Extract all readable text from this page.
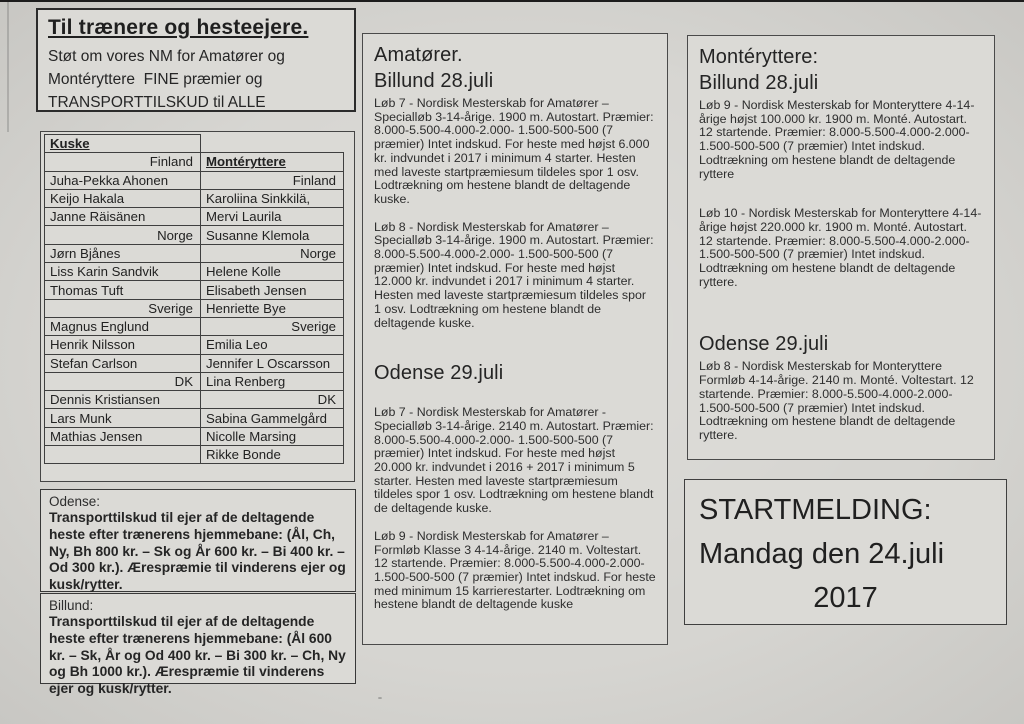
Til trænere og hesteejere.
Støt om vores NM for Amatører og
Montéryttere  FINE præmier og
TRANSPORTTILSKUD til ALLE
Kuske	
Finland	Montéryttere
Juha-Pekka Ahonen	Finland
Keijo Hakala	Karoliina Sinkkilä,
Janne Räisänen	Mervi Laurila
Norge	Susanne Klemola
Jørn Bjånes	Norge
Liss Karin Sandvik	Helene Kolle
Thomas Tuft	Elisabeth Jensen
Sverige	Henriette Bye
Magnus Englund	Sverige
Henrik Nilsson	Emilia Leo
Stefan Carlson	Jennifer L Oscarsson
DK	Lina Renberg
Dennis Kristiansen	DK
Lars Munk	Sabina Gammelgård
Mathias Jensen	Nicolle Marsing
	Rikke Bonde
Odense:
Transporttilskud til ejer af de deltagende heste efter trænerens hjemmebane: (Ål, Ch, Ny, Bh 800 kr. – Sk og År 600 kr. – Bi 400 kr. – Od 300 kr.). Ærespræmie til vinderens ejer og kusk/rytter.
Billund:
Transporttilskud til ejer af de deltagende heste efter trænerens hjemmebane: (Ål 600 kr. – Sk, År og Od 400 kr. – Bi 300 kr. – Ch, Ny og Bh 1000 kr.). Ærespræmie til vinderens ejer og kusk/rytter.
Amatører.
Billund 28.juli

Løb 7 - Nordisk Mesterskab for Amatører – Specialløb 3-14-årige. 1900 m. Autostart. Præmier: 8.000-5.500-4.000-2.000- 1.500-500-500 (7 præmier) Intet indskud. For heste med højst 6.000 kr. indvundet i 2017 i minimum 4 starter. Hesten med laveste startpræmiesum tildeles spor 1 osv. Lodtrækning om hestene blandt de deltagende kuske.

Løb 8 - Nordisk Mesterskab for Amatører – Specialløb 3-14-årige. 1900 m. Autostart. Præmier: 8.000-5.500-4.000-2.000- 1.500-500-500 (7 præmier) Intet indskud. For heste med højst 12.000 kr. indvundet i 2017 i minimum 4 starter. Hesten med laveste startpræmiesum tildeles spor 1 osv. Lodtrækning om hestene blandt de deltagende kuske.

Odense 29.juli

Løb 7 - Nordisk Mesterskab for Amatører - Specialløb 3-14-årige. 2140 m. Autostart. Præmier: 8.000-5.500-4.000-2.000- 1.500-500-500 (7 præmier) Intet indskud. For heste med højst 20.000 kr. indvundet i 2016 + 2017 i minimum 5 starter. Hesten med laveste startpræmiesum tildeles spor 1 osv. Lodtrækning om hestene blandt de deltagende kuske.

Løb 9 - Nordisk Mesterskab for Amatører – Formløb Klasse 3 4-14-årige. 2140 m. Voltestart. 12 startende. Præmier: 8.000-5.500-4.000-2.000- 1.500-500-500 (7 præmier) Intet indskud. For heste med minimum 15 karrierestarter. Lodtrækning om hestene blandt de deltagende kuske

Montéryttere:
Billund 28.juli

Løb 9 - Nordisk Mesterskab for Monteryttere 4-14-årige højst 100.000 kr. 1900 m. Monté. Autostart. 12 startende. Præmier: 8.000-5.500-4.000-2.000- 1.500-500-500 (7 præmier) Intet indskud. Lodtrækning om hestene blandt de deltagende ryttere

Løb 10 - Nordisk Mesterskab for Monteryttere 4-14-årige højst 220.000 kr. 1900 m. Monté. Autostart. 12 startende. Præmier: 8.000-5.500-4.000-2.000- 1.500-500-500 (7 præmier) Intet indskud. Lodtrækning om hestene blandt de deltagende ryttere.

Odense 29.juli

Løb 8 - Nordisk Mesterskab for Monteryttere Formløb 4-14-årige. 2140 m. Monté. Voltestart. 12 startende. Præmier: 8.000-5.500-4.000-2.000- 1.500-500-500 (7 præmier) Intet indskud. Lodtrækning om hestene blandt de deltagende ryttere.

STARTMELDING:
Mandag den 24.juli
2017
